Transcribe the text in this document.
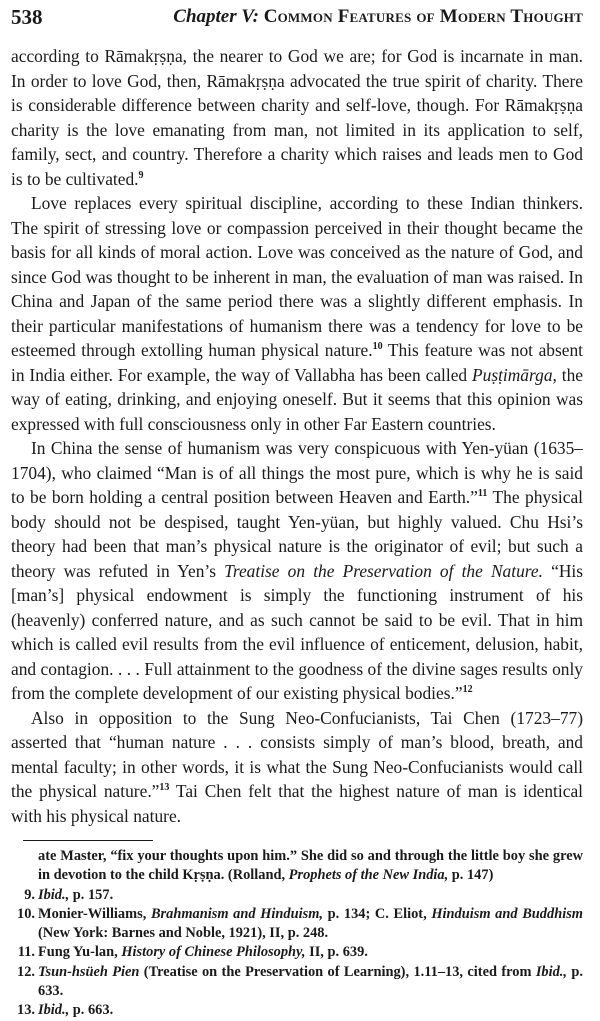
538	Chapter V: Common Features of Modern Thought

according to Rāmakṛṣṇa, the nearer to God we are; for God is incarnate in man. In order to love God, then, Rāmakṛṣṇa advocated the true spirit of charity. There is considerable difference between charity and self-love, though. For Rāmakṛṣṇa charity is the love emanating from man, not limited in its application to self, family, sect, and country. Therefore a charity which raises and leads men to God is to be cultivated.$^9$

Love replaces every spiritual discipline, according to these Indian thinkers. The spirit of stressing love or compassion perceived in their thought became the basis for all kinds of moral action. Love was conceived as the nature of God, and since God was thought to be inherent in man, the evaluation of man was raised. In China and Japan of the same period there was a slightly different emphasis. In their particular manifestations of humanism there was a tendency for love to be esteemed through extolling human physical nature.$^{10}$ This feature was not absent in India either. For example, the way of Vallabha has been called Puṣṭimārga, the way of eating, drinking, and enjoying oneself. But it seems that this opinion was expressed with full consciousness only in other Far Eastern countries.

In China the sense of humanism was very conspicuous with Yen-yüan (1635–1704), who claimed “Man is of all things the most pure, which is why he is said to be born holding a central position between Heaven and Earth.”$^{11}$ The physical body should not be despised, taught Yen-yüan, but highly valued. Chu Hsi’s theory had been that man’s physical nature is the originator of evil; but such a theory was refuted in Yen’s Treatise on the Preservation of the Nature. “His [man’s] physical endowment is simply the functioning instrument of his (heavenly) conferred nature, and as such cannot be said to be evil. That in him which is called evil results from the evil influence of enticement, delusion, habit, and contagion. . . . Full attainment to the goodness of the divine sages results only from the complete development of our existing physical bodies.”$^{12}$

Also in opposition to the Sung Neo-Confucianists, Tai Chen (1723–77) asserted that “human nature . . . consists simply of man’s blood, breath, and mental faculty; in other words, it is what the Sung Neo-Confucianists would call the physical nature.”$^{13}$ Tai Chen felt that the highest nature of man is identical with his physical nature.

ate Master, “fix your thoughts upon him.” She did so and through the little boy she grew in devotion to the child Kṛṣṇa. (Rolland, Prophets of the New India, p. 147)
9. Ibid., p. 157.
10. Monier-Williams, Brahmanism and Hinduism, p. 134; C. Eliot, Hinduism and Buddhism (New York: Barnes and Noble, 1921), II, p. 248.
11. Fung Yu-lan, History of Chinese Philosophy, II, p. 639.
12. Tsun-hsüeh Pien (Treatise on the Preservation of Learning), 1.11–13, cited from Ibid., p. 633.
13. Ibid., p. 663.
